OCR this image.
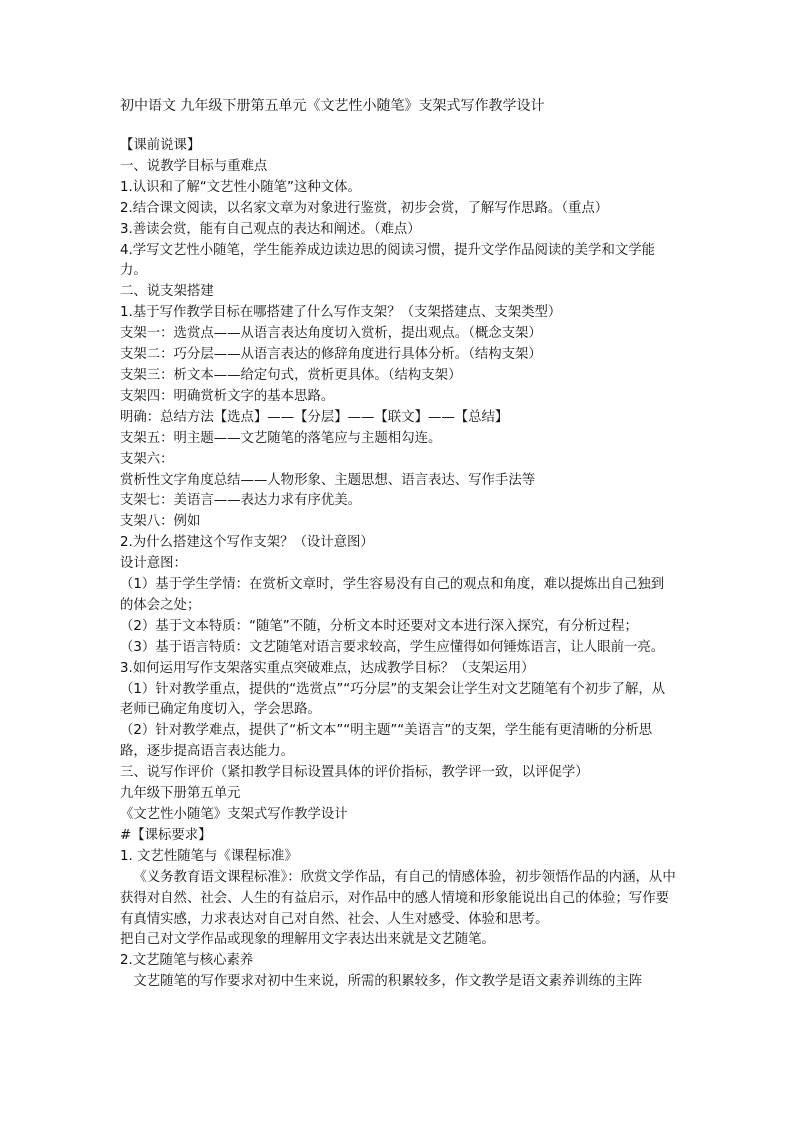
初中语文 九年级下册第五单元《文艺性小随笔》支架式写作教学设计
【课前说课】
一、说教学目标与重难点
1.认识和了解“文艺性小随笔”这种文体。
2.结合课文阅读，以名家文章为对象进行鉴赏，初步会赏，了解写作思路。（重点）
3.善读会赏，能有自己观点的表达和阐述。（难点）
4.学写文艺性小随笔，学生能养成边读边思的阅读习惯，提升文学作品阅读的美学和文学能力。
二、说支架搭建
1.基于写作教学目标在哪搭建了什么写作支架？（支架搭建点、支架类型）
支架一：选赏点——从语言表达角度切入赏析，提出观点。（概念支架）
支架二：巧分层——从语言表达的修辞角度进行具体分析。（结构支架）
支架三：析文本——给定句式，赏析更具体。（结构支架）
支架四：明确赏析文字的基本思路。
明确：总结方法【选点】——【分层】——【联文】——【总结】
支架五：明主题——文艺随笔的落笔应与主题相勾连。
支架六：
赏析性文字角度总结——人物形象、主题思想、语言表达、写作手法等
支架七：美语言——表达力求有序优美。
支架八：例如
2.为什么搭建这个写作支架？（设计意图）
设计意图：
（1）基于学生学情：在赏析文章时，学生容易没有自己的观点和角度，难以提炼出自己独到的体会之处；
（2）基于文本特质：“随笔”不随，分析文本时还要对文本进行深入探究，有分析过程；
（3）基于语言特质：文艺随笔对语言要求较高，学生应懂得如何锤炼语言，让人眼前一亮。
3.如何运用写作支架落实重点突破难点，达成教学目标？（支架运用）
（1）针对教学重点，提供的“选赏点”“巧分层”的支架会让学生对文艺随笔有个初步了解，从老师已确定角度切入，学会思路。
（2）针对教学难点，提供了“析文本”“明主题”“美语言”的支架，学生能有更清晰的分析思路，逐步提高语言表达能力。
三、说写作评价（紧扣教学目标设置具体的评价指标，教学评一致，以评促学）
九年级下册第五单元
《文艺性小随笔》支架式写作教学设计
#【课标要求】
1. 文艺性随笔与《课程标准》
《义务教育语文课程标准》：欣赏文学作品，有自己的情感体验，初步领悟作品的内涵，从中获得对自然、社会、人生的有益启示，对作品中的感人情境和形象能说出自己的体验；写作要有真情实感，力求表达对自己对自然、社会、人生对感受、体验和思考。
把自己对文学作品或现象的理解用文字表达出来就是文艺随笔。
2.文艺随笔与核心素养
文艺随笔的写作要求对初中生来说，所需的积累较多，作文教学是语文素养训练的主阵
